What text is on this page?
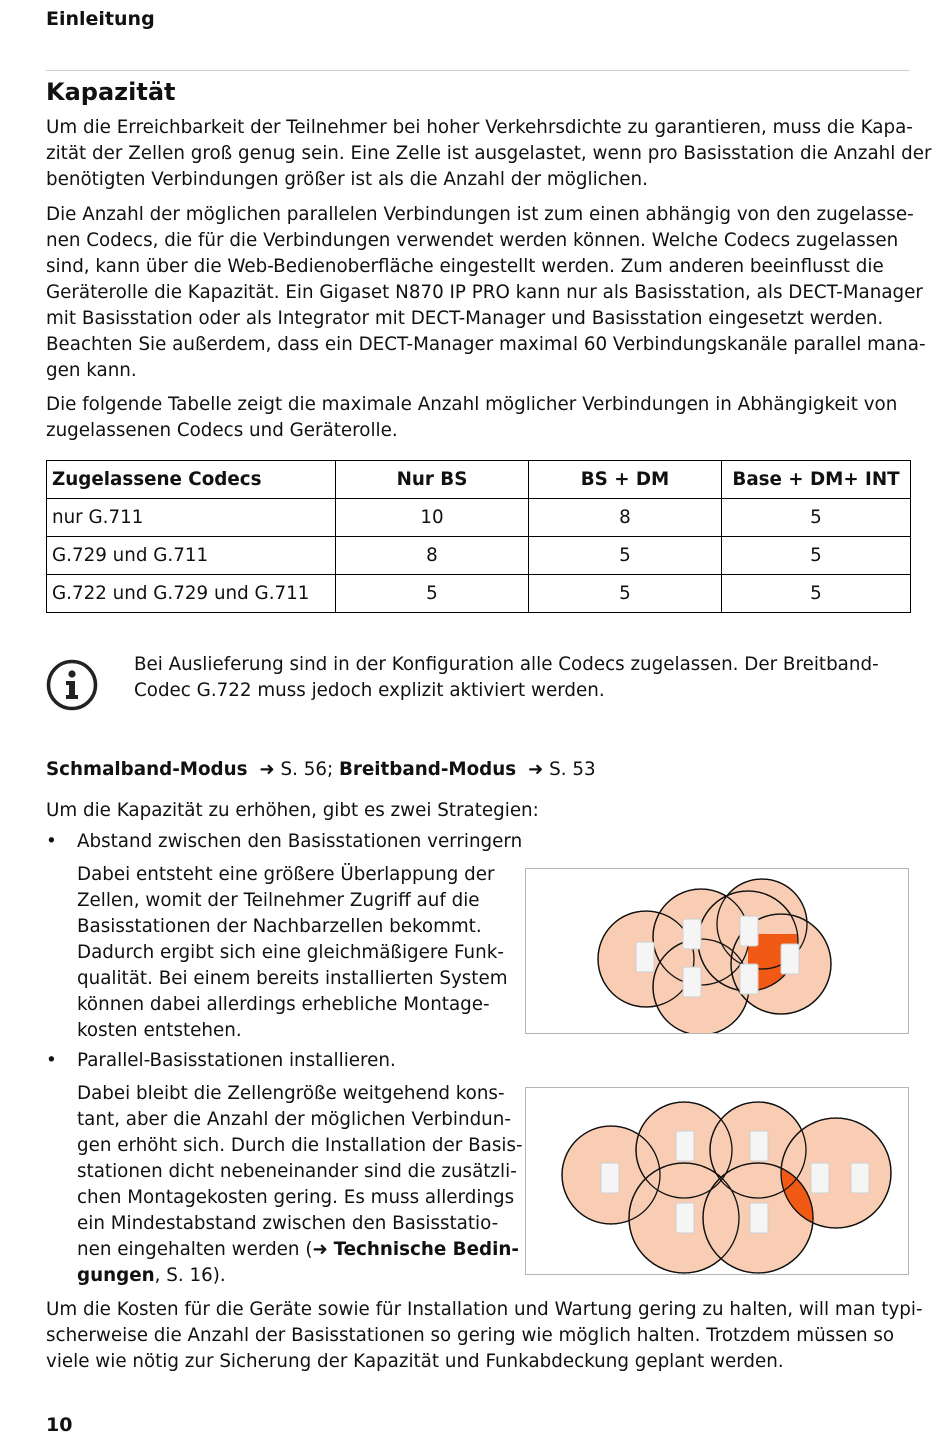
Einleitung
Kapazität
Um die Erreichbarkeit der Teilnehmer bei hoher Verkehrsdichte zu garantieren, muss die Kapa-
zität der Zellen groß genug sein. Eine Zelle ist ausgelastet, wenn pro Basisstation die Anzahl der
benötigten Verbindungen größer ist als die Anzahl der möglichen.
Die Anzahl der möglichen parallelen Verbindungen ist zum einen abhängig von den zugelasse-
nen Codecs, die für die Verbindungen verwendet werden können. Welche Codecs zugelassen
sind, kann über die Web-Bedienoberfläche eingestellt werden. Zum anderen beeinflusst die
Geräterolle die Kapazität. Ein Gigaset N870 IP PRO kann nur als Basisstation, als DECT-Manager
mit Basisstation oder als Integrator mit DECT-Manager und Basisstation eingesetzt werden.
Beachten Sie außerdem, dass ein DECT-Manager maximal 60 Verbindungskanäle parallel mana-
gen kann.
Die folgende Tabelle zeigt die maximale Anzahl möglicher Verbindungen in Abhängigkeit von
zugelassenen Codecs und Geräterolle.
Zugelassene Codecs	Nur BS	BS + DM	Base + DM+ INT
nur G.711	10	8	5
G.729 und G.711	8	5	5
G.722 und G.729 und G.711	5	5	5
Bei Auslieferung sind in der Konfiguration alle Codecs zugelassen. Der Breitband-
Codec G.722 muss jedoch explizit aktiviert werden.
Schmalband-Modus ➜ S. 56; Breitband-Modus ➜ S. 53
Um die Kapazität zu erhöhen, gibt es zwei Strategien:
• Abstand zwischen den Basisstationen verringern
Dabei entsteht eine größere Überlappung der
Zellen, womit der Teilnehmer Zugriff auf die
Basisstationen der Nachbarzellen bekommt.
Dadurch ergibt sich eine gleichmäßigere Funk-
qualität. Bei einem bereits installierten System
können dabei allerdings erhebliche Montage-
kosten entstehen.
• Parallel-Basisstationen installieren.
Dabei bleibt die Zellengröße weitgehend kons-
tant, aber die Anzahl der möglichen Verbindun-
gen erhöht sich. Durch die Installation der Basis-
stationen dicht nebeneinander sind die zusätzli-
chen Montagekosten gering. Es muss allerdings
ein Mindestabstand zwischen den Basisstatio-
nen eingehalten werden (➜ Technische Bedin-
gungen, S. 16).
Um die Kosten für die Geräte sowie für Installation und Wartung gering zu halten, will man typi-
scherweise die Anzahl der Basisstationen so gering wie möglich halten. Trotzdem müssen so
viele wie nötig zur Sicherung der Kapazität und Funkabdeckung geplant werden.
10
